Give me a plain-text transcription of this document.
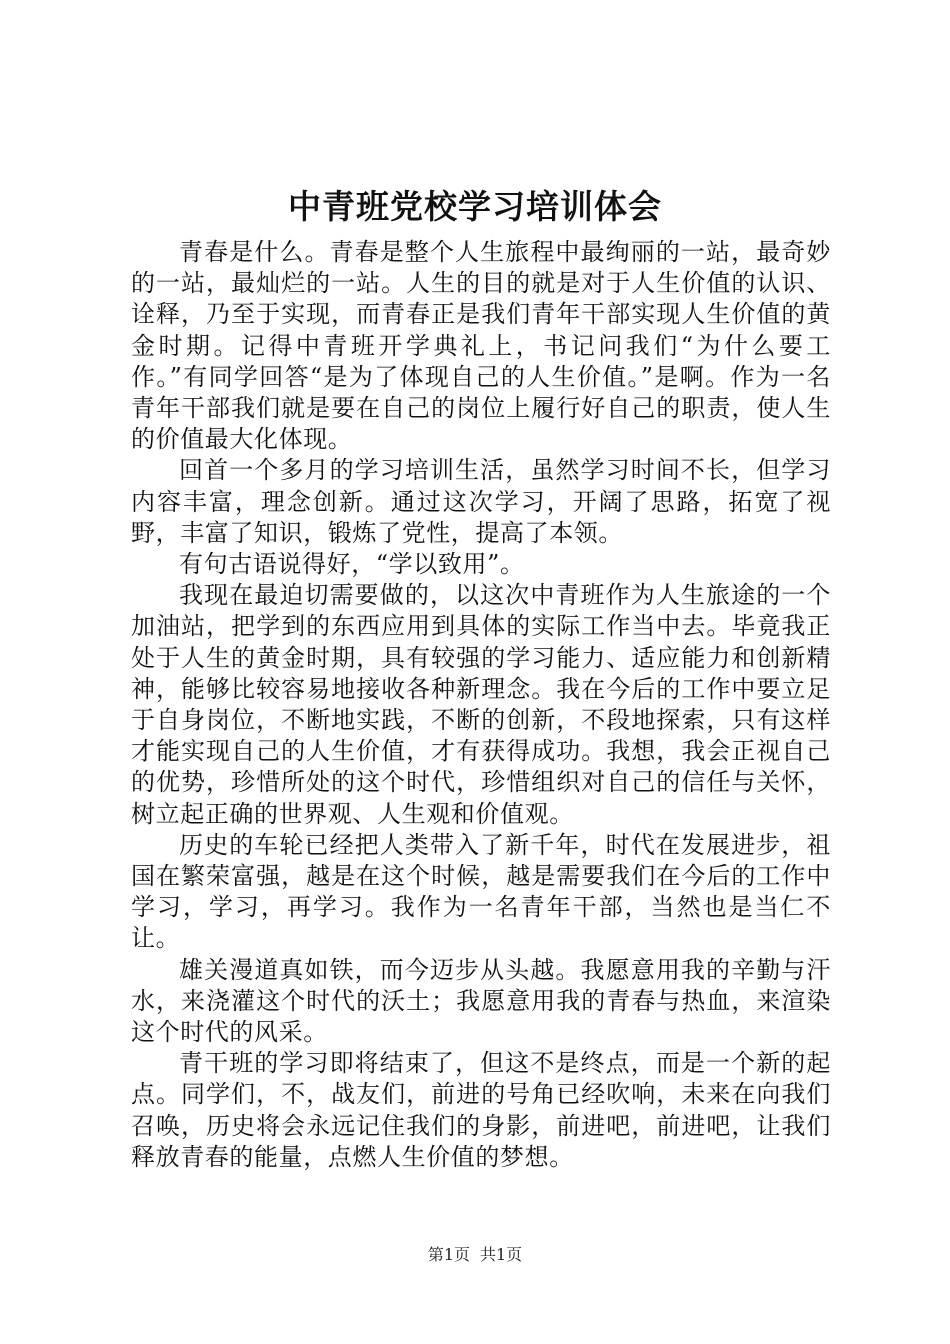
中青班党校学习培训体会

青春是什么。青春是整个人生旅程中最绚丽的一站，最奇妙的一站，最灿烂的一站。人生的目的就是对于人生价值的认识、诠释，乃至于实现，而青春正是我们青年干部实现人生价值的黄金时期。记得中青班开学典礼上，书记问我们“为什么要工作。”有同学回答“是为了体现自己的人生价值。”是啊。作为一名青年干部我们就是要在自己的岗位上履行好自己的职责，使人生的价值最大化体现。

回首一个多月的学习培训生活，虽然学习时间不长，但学习内容丰富，理念创新。通过这次学习，开阔了思路，拓宽了视野，丰富了知识，锻炼了党性，提高了本领。

有句古语说得好，“学以致用”。

我现在最迫切需要做的，以这次中青班作为人生旅途的一个加油站，把学到的东西应用到具体的实际工作当中去。毕竟我正处于人生的黄金时期，具有较强的学习能力、适应能力和创新精神，能够比较容易地接收各种新理念。我在今后的工作中要立足于自身岗位，不断地实践，不断的创新，不段地探索，只有这样才能实现自己的人生价值，才有获得成功。我想，我会正视自己的优势，珍惜所处的这个时代，珍惜组织对自己的信任与关怀，树立起正确的世界观、人生观和价值观。

历史的车轮已经把人类带入了新千年，时代在发展进步，祖国在繁荣富强，越是在这个时候，越是需要我们在今后的工作中学习，学习，再学习。我作为一名青年干部，当然也是当仁不让。

雄关漫道真如铁，而今迈步从头越。我愿意用我的辛勤与汗水，来浇灌这个时代的沃土；我愿意用我的青春与热血，来渲染这个时代的风采。

青干班的学习即将结束了，但这不是终点，而是一个新的起点。同学们，不，战友们，前进的号角已经吹响，未来在向我们召唤，历史将会永远记住我们的身影，前进吧，前进吧，让我们释放青春的能量，点燃人生价值的梦想。

第1页 共1页
